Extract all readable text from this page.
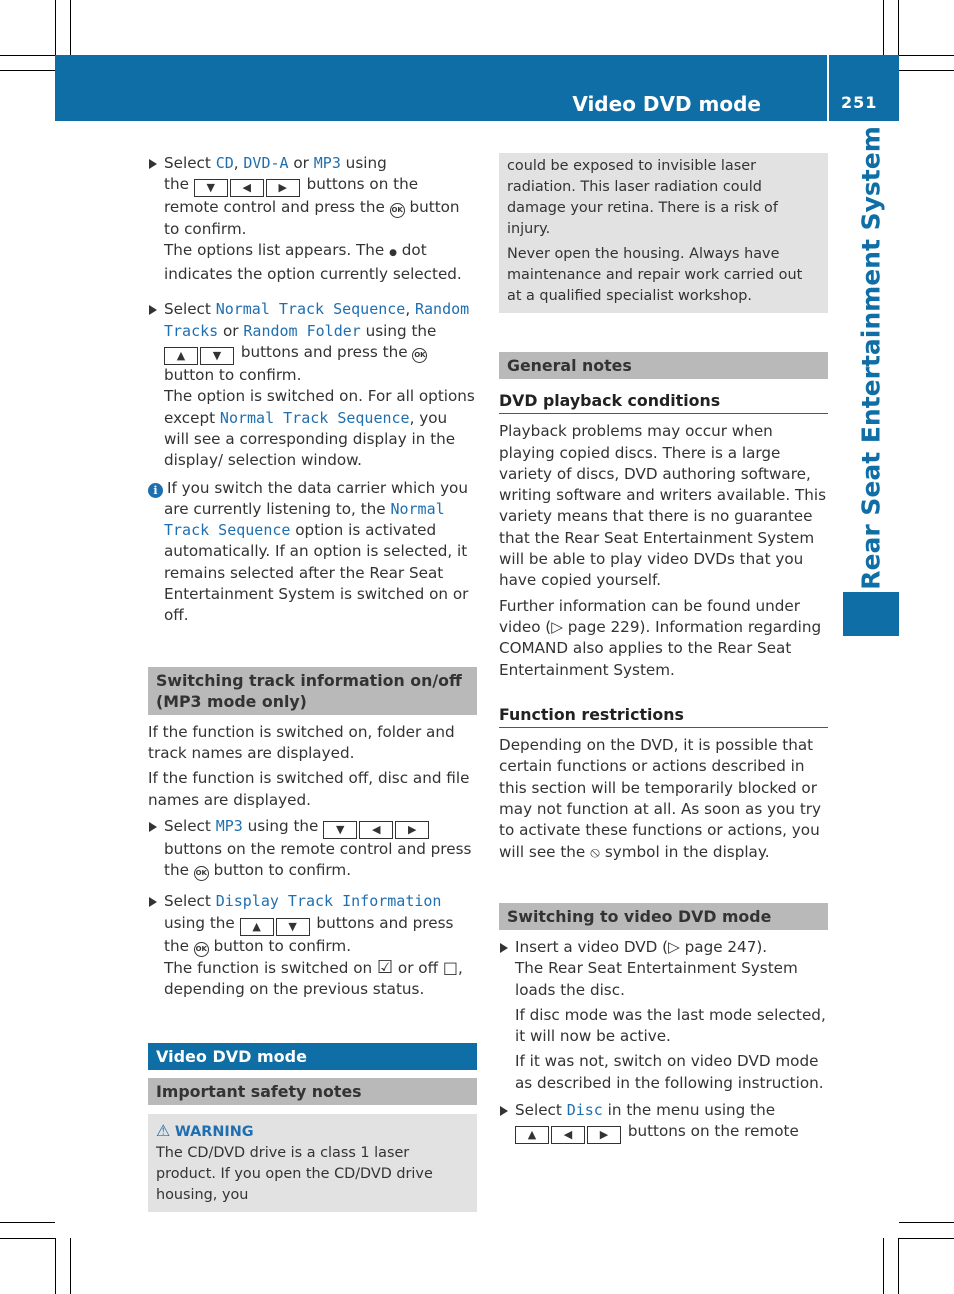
Video DVD mode	251
Rear Seat Entertainment System

Select CD, DVD-A or MP3 using
the ▼	◀	▶ buttons on the remote control and press the OK button to confirm.

The options list appears. The ● dot indicates the option currently selected.

Select Normal Track Sequence, Random Tracks or Random Folder using the
▲	▼ buttons and press the OK button to confirm.

The option is switched on. For all options except Normal Track Sequence, you will see a corresponding display in the display/ selection window.

i If you switch the data carrier which you are currently listening to, the Normal Track Sequence option is activated automatically. If an option is selected, it remains selected after the Rear Seat Entertainment System is switched on or off.

Switching track information on/off (MP3 mode only)

If the function is switched on, folder and track names are displayed.

If the function is switched off, disc and file names are displayed.

Select MP3 using the ▼	◀	▶ buttons on the remote control and press the OK button to confirm.

Select Display Track Information
using the ▲	▼ buttons and press the OK button to confirm.

The function is switched on ☑ or off □, depending on the previous status.

Video DVD mode
Important safety notes

⚠ WARNING

The CD/DVD drive is a class 1 laser product. If you open the CD/DVD drive housing, you

could be exposed to invisible laser radiation. This laser radiation could damage your retina. There is a risk of injury.

Never open the housing. Always have maintenance and repair work carried out at a qualified specialist workshop.

General notes
DVD playback conditions

Playback problems may occur when playing copied discs. There is a large variety of discs, DVD authoring software, writing software and writers available. This variety means that there is no guarantee that the Rear Seat Entertainment System will be able to play video DVDs that you have copied yourself.

Further information can be found under video (▷ page 229). Information regarding COMAND also applies to the Rear Seat Entertainment System.

Function restrictions

Depending on the DVD, it is possible that certain functions or actions described in this section will be temporarily blocked or may not function at all. As soon as you try to activate these functions or actions, you will see the ⦸ symbol in the display.

Switching to video DVD mode

Insert a video DVD (▷ page 247).

The Rear Seat Entertainment System loads the disc.

If disc mode was the last mode selected, it will now be active.

If it was not, switch on video DVD mode as described in the following instruction.

Select Disc in the menu using the
▲	◀	▶ buttons on the remote
